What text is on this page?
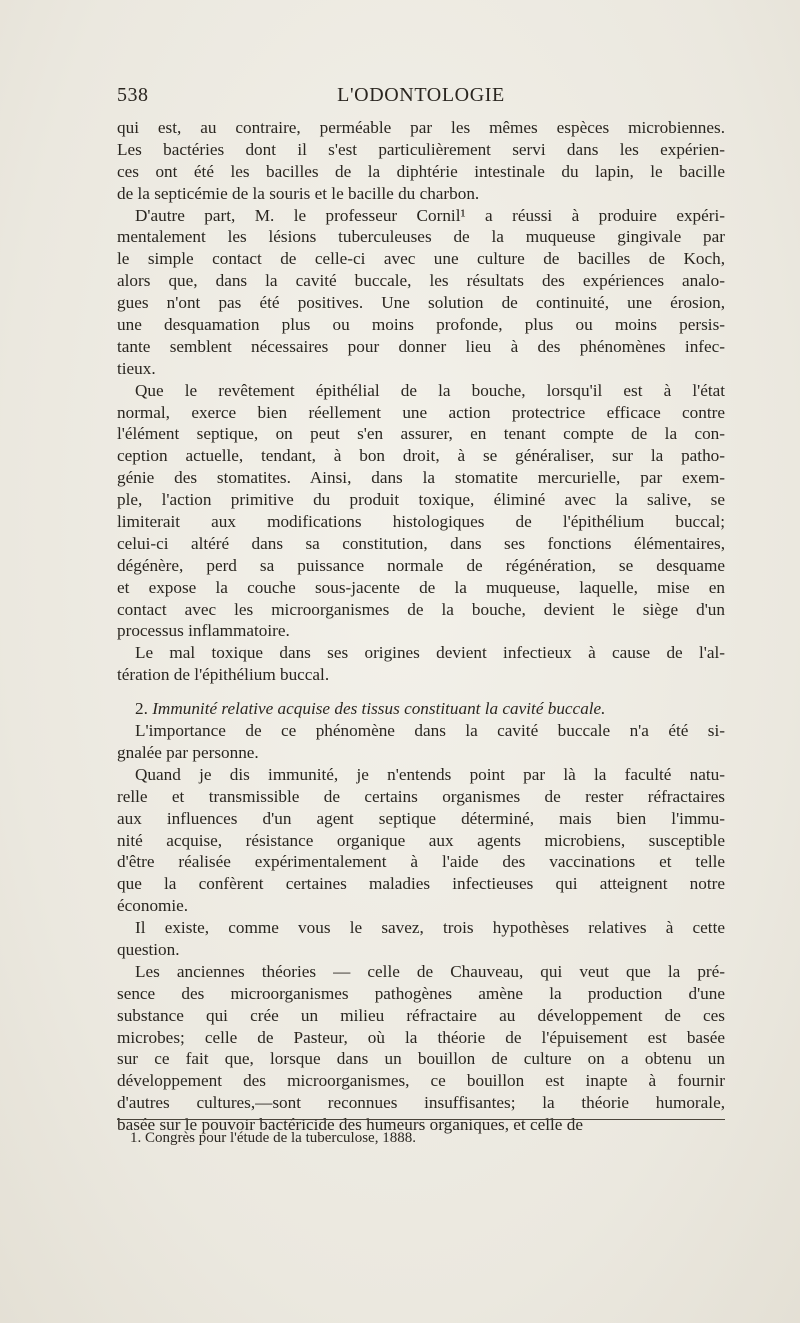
538	L'ODONTOLOGIE
qui est, au contraire, perméable par les mêmes espèces microbiennes.
Les bactéries dont il s'est particulièrement servi dans les expérien-
ces ont été les bacilles de la diphtérie intestinale du lapin, le bacille
de la septicémie de la souris et le bacille du charbon.
D'autre part, M. le professeur Cornil¹ a réussi à produire expéri-
mentalement les lésions tuberculeuses de la muqueuse gingivale par
le simple contact de celle-ci avec une culture de bacilles de Koch,
alors que, dans la cavité buccale, les résultats des expériences analo-
gues n'ont pas été positives. Une solution de continuité, une érosion,
une desquamation plus ou moins profonde, plus ou moins persis-
tante semblent nécessaires pour donner lieu à des phénomènes infec-
tieux.
Que le revêtement épithélial de la bouche, lorsqu'il est à l'état
normal, exerce bien réellement une action protectrice efficace contre
l'élément septique, on peut s'en assurer, en tenant compte de la con-
ception actuelle, tendant, à bon droit, à se généraliser, sur la patho-
génie des stomatites. Ainsi, dans la stomatite mercurielle, par exem-
ple, l'action primitive du produit toxique, éliminé avec la salive, se
limiterait aux modifications histologiques de l'épithélium buccal;
celui-ci altéré dans sa constitution, dans ses fonctions élémentaires,
dégénère, perd sa puissance normale de régénération, se desquame
et expose la couche sous-jacente de la muqueuse, laquelle, mise en
contact avec les microorganismes de la bouche, devient le siège d'un
processus inflammatoire.
Le mal toxique dans ses origines devient infectieux à cause de l'al-
tération de l'épithélium buccal.
2. Immunité relative acquise des tissus constituant la cavité buccale.
L'importance de ce phénomène dans la cavité buccale n'a été si-
gnalée par personne.
Quand je dis immunité, je n'entends point par là la faculté natu-
relle et transmissible de certains organismes de rester réfractaires
aux influences d'un agent septique déterminé, mais bien l'immu-
nité acquise, résistance organique aux agents microbiens, susceptible
d'être réalisée expérimentalement à l'aide des vaccinations et telle
que la confèrent certaines maladies infectieuses qui atteignent notre
économie.
Il existe, comme vous le savez, trois hypothèses relatives à cette
question.
Les anciennes théories — celle de Chauveau, qui veut que la pré-
sence des microorganismes pathogènes amène la production d'une
substance qui crée un milieu réfractaire au développement de ces
microbes; celle de Pasteur, où la théorie de l'épuisement est basée
sur ce fait que, lorsque dans un bouillon de culture on a obtenu un
développement des microorganismes, ce bouillon est inapte à fournir
d'autres cultures,—sont reconnues insuffisantes; la théorie humorale,
basée sur le pouvoir bactéricide des humeurs organiques, et celle de
1. Congrès pour l'étude de la tuberculose, 1888.
